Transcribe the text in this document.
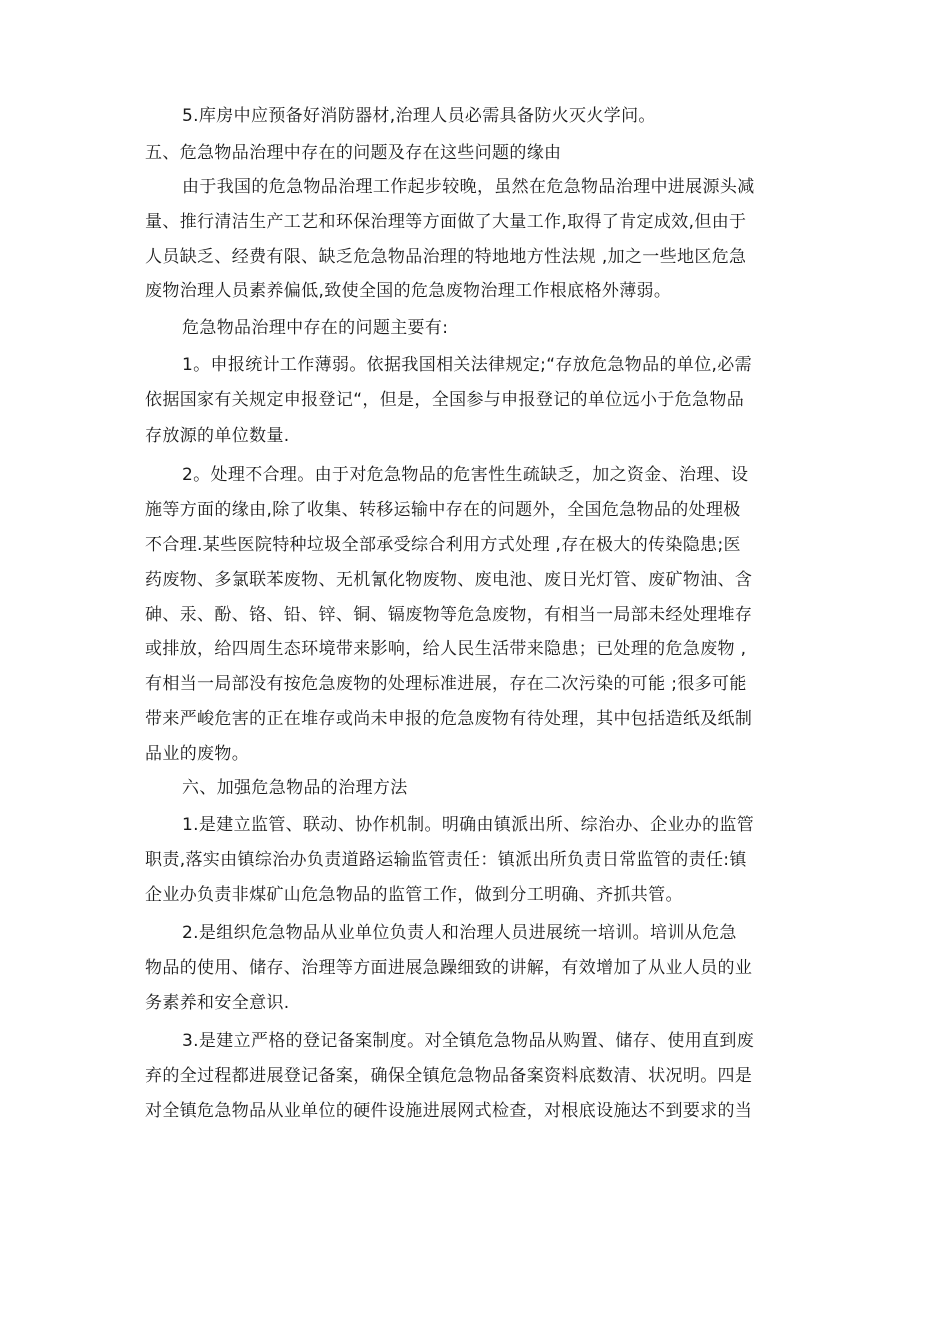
5.库房中应预备好消防器材,治理人员必需具备防火灭火学问。
五、危急物品治理中存在的问题及存在这些问题的缘由
由于我国的危急物品治理工作起步较晚，虽然在危急物品治理中进展源头减
量、推行清洁生产工艺和环保治理等方面做了大量工作,取得了肯定成效,但由于
人员缺乏、经费有限、缺乏危急物品治理的特地地方性法规 ,加之一些地区危急
废物治理人员素养偏低,致使全国的危急废物治理工作根底格外薄弱。
危急物品治理中存在的问题主要有:
1。申报统计工作薄弱。依据我国相关法律规定;“存放危急物品的单位,必需
依据国家有关规定申报登记“，但是，全国参与申报登记的单位远小于危急物品
存放源的单位数量.
2。处理不合理。由于对危急物品的危害性生疏缺乏，加之资金、治理、设
施等方面的缘由,除了收集、转移运输中存在的问题外，全国危急物品的处理极
不合理.某些医院特种垃圾全部承受综合利用方式处理 ,存在极大的传染隐患;医
药废物、多氯联苯废物、无机氰化物废物、废电池、废日光灯管、废矿物油、含
砷、汞、酚、铬、铅、锌、铜、镉废物等危急废物，有相当一局部未经处理堆存
或排放，给四周生态环境带来影响，给人民生活带来隐患；已处理的危急废物 ,
有相当一局部没有按危急废物的处理标准进展，存在二次污染的可能 ;很多可能
带来严峻危害的正在堆存或尚未申报的危急废物有待处理，其中包括造纸及纸制
品业的废物。
六、加强危急物品的治理方法
1.是建立监管、联动、协作机制。明确由镇派出所、综治办、企业办的监管
职责,落实由镇综治办负责道路运输监管责任：镇派出所负责日常监管的责任:镇
企业办负责非煤矿山危急物品的监管工作，做到分工明确、齐抓共管。
2.是组织危急物品从业单位负责人和治理人员进展统一培训。培训从危急
物品的使用、储存、治理等方面进展急躁细致的讲解，有效增加了从业人员的业
务素养和安全意识.
3.是建立严格的登记备案制度。对全镇危急物品从购置、储存、使用直到废
弃的全过程都进展登记备案，确保全镇危急物品备案资料底数清、状况明。四是
对全镇危急物品从业单位的硬件设施进展网式检查，对根底设施达不到要求的当
